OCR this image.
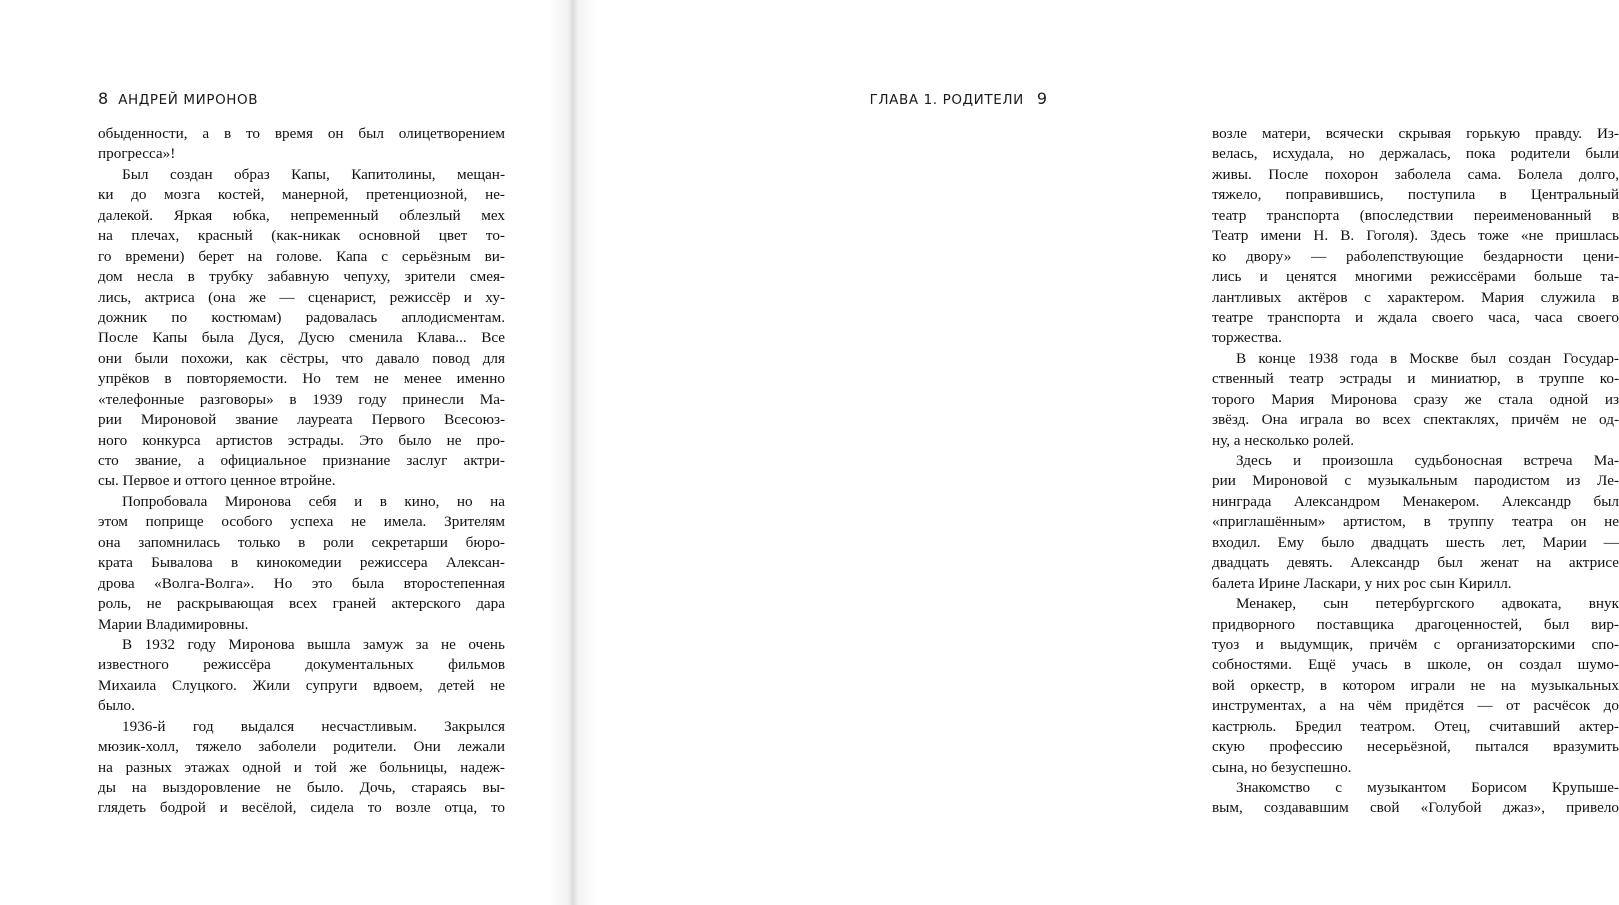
8 АНДРЕЙ МИРОНОВ
обыденности, а в то время он был олицетворением
прогресса»!
Был создан образ Капы, Капитолины, мещан-
ки до мозга костей, манерной, претенциозной, не-
далекой. Яркая юбка, непременный облезлый мех
на плечах, красный (как-никак основной цвет то-
го времени) берет на голове. Капа с серьёзным ви-
дом несла в трубку забавную чепуху, зрители смея-
лись, актриса (она же — сценарист, режиссёр и ху-
дожник по костюмам) радовалась аплодисментам.
После Капы была Дуся, Дусю сменила Клава... Все
они были похожи, как сёстры, что давало повод для
упрёков в повторяемости. Но тем не менее именно
«телефонные разговоры» в 1939 году принесли Ма-
рии Мироновой звание лауреата Первого Всесоюз-
ного конкурса артистов эстрады. Это было не про-
сто звание, а официальное признание заслуг актри-
сы. Первое и оттого ценное втройне.
Попробовала Миронова себя и в кино, но на
этом поприще особого успеха не имела. Зрителям
она запомнилась только в роли секретарши бюро-
крата Бывалова в кинокомедии режиссера Алексан-
дрова «Волга-Волга». Но это была второстепенная
роль, не раскрывающая всех граней актерского дара
Марии Владимировны.
В 1932 году Миронова вышла замуж за не очень
известного режиссёра документальных фильмов
Михаила Слуцкого. Жили супруги вдвоем, детей не
было.
1936-й год выдался несчастливым. Закрылся
мюзик-холл, тяжело заболели родители. Они лежали
на разных этажах одной и той же больницы, надеж-
ды на выздоровление не было. Дочь, стараясь вы-
глядеть бодрой и весёлой, сидела то возле отца, то
ГЛАВА 1. РОДИТЕЛИ 9
возле матери, всячески скрывая горькую правду. Из-
велась, исхудала, но держалась, пока родители были
живы. После похорон заболела сама. Болела долго,
тяжело, поправившись, поступила в Центральный
театр транспорта (впоследствии переименованный в
Театр имени Н. В. Гоголя). Здесь тоже «не пришлась
ко двору» — раболепствующие бездарности цени-
лись и ценятся многими режиссёрами больше та-
лантливых актёров с характером. Мария служила в
театре транспорта и ждала своего часа, часа своего
торжества.
В конце 1938 года в Москве был создан Государ-
ственный театр эстрады и миниатюр, в труппе ко-
торого Мария Миронова сразу же стала одной из
звёзд. Она играла во всех спектаклях, причём не од-
ну, а несколько ролей.
Здесь и произошла судьбоносная встреча Ма-
рии Мироновой с музыкальным пародистом из Ле-
нинграда Александром Менакером. Александр был
«приглашённым» артистом, в труппу театра он не
входил. Ему было двадцать шесть лет, Марии —
двадцать девять. Александр был женат на актрисе
балета Ирине Ласкари, у них рос сын Кирилл.
Менакер, сын петербургского адвоката, внук
придворного поставщика драгоценностей, был вир-
туоз и выдумщик, причём с организаторскими спо-
собностями. Ещё учась в школе, он создал шумо-
вой оркестр, в котором играли не на музыкальных
инструментах, а на чём придётся — от расчёсок до
кастрюль. Бредил театром. Отец, считавший актер-
скую профессию несерьёзной, пытался вразумить
сына, но безуспешно.
Знакомство с музыкантом Борисом Крупыше-
вым, создававшим свой «Голубой джаз», привело
